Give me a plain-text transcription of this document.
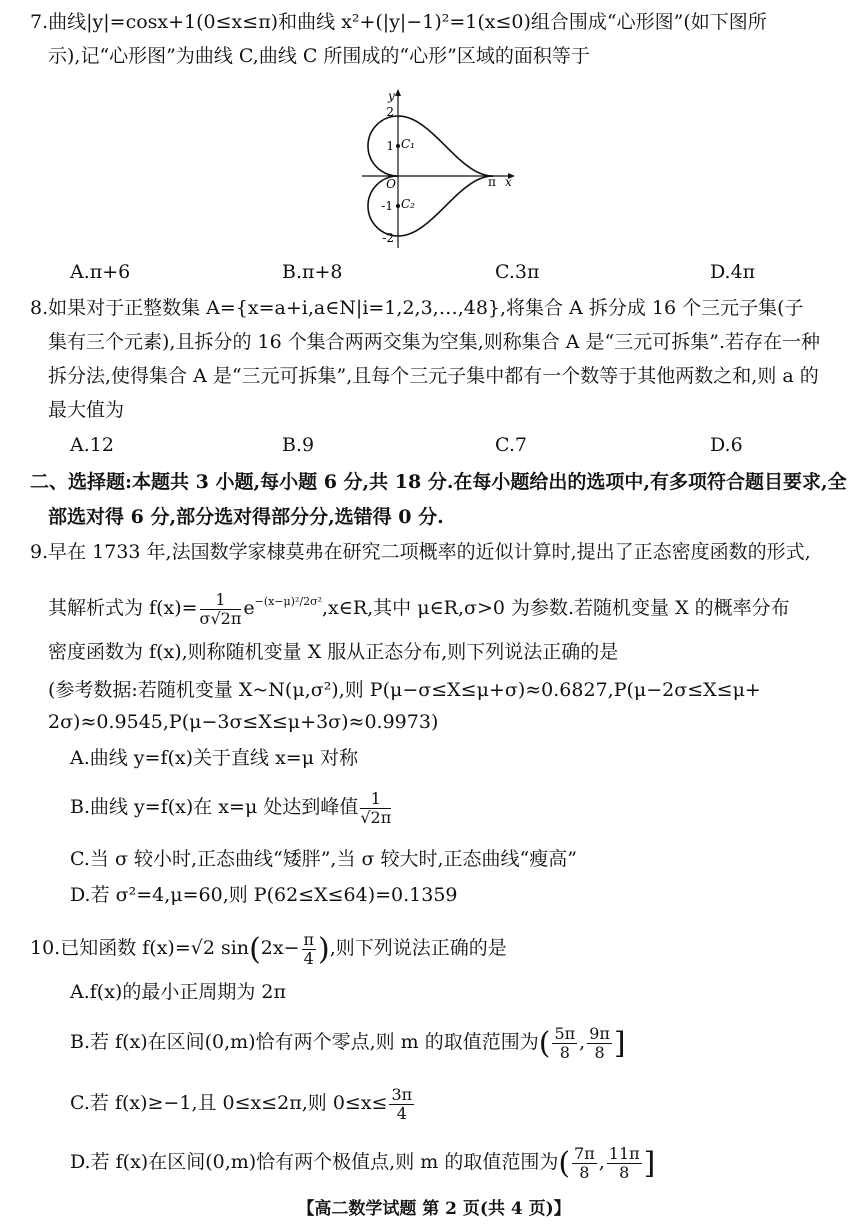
7.曲线|y|=cosx+1(0≤x≤π)和曲线 x²+(|y|−1)²=1(x≤0)组合围成“心形图”(如下图所
示),记“心形图”为曲线 C,曲线 C 所围成的“心形”区域的面积等于
y
x
π
O
2
1
-1
-2
C₁
C₂
A.π+6	B.π+8	C.3π	D.4π
8.如果对于正整数集 A={x=a+i,a∈N|i=1,2,3,…,48},将集合 A 拆分成 16 个三元子集(子
集有三个元素),且拆分的 16 个集合两两交集为空集,则称集合 A 是“三元可拆集”.若存在一种
拆分法,使得集合 A 是“三元可拆集”,且每个三元子集中都有一个数等于其他两数之和,则 a 的
最大值为
A.12	B.9	C.7	D.6
二、选择题:本题共 3 小题,每小题 6 分,共 18 分.在每小题给出的选项中,有多项符合题目要求,全
部选对得 6 分,部分选对得部分分,选错得 0 分.
9.早在 1733 年,法国数学家棣莫弗在研究二项概率的近似计算时,提出了正态密度函数的形式,
其解析式为 $f(x)= \frac{1}{\sigma√2\pi}$ $e^{-(x-\mu)^2/2\sigma^2},x\in R$,其中 μ∈R,σ>0 为参数.若随机变量 X 的概率分布
密度函数为 f(x),则称随机变量 X 服从正态分布,则下列说法正确的是
(参考数据:若随机变量 X~N(μ,σ²),则 P(μ−σ≤X≤μ+σ)≈0.6827,P(μ−2σ≤X≤μ+
2σ)≈0.9545,P(μ−3σ≤X≤μ+3σ)≈0.9973)
A.曲线 y=f(x)关于直线 x=μ 对称
B.曲线 y=f(x)在 x=μ 处达到峰值 $\frac{1}{√2\pi}$
C.当 σ 较小时,正态曲线“矮胖”,当 σ 较大时,正态曲线“瘦高”
D.若 σ²=4,μ=60,则 P(62≤X≤64)=0.1359
10.已知函数 f(x)=√2 $\sin(2x- \frac{\pi}{4}$ ),则下列说法正确的是
A.f(x)的最小正周期为 2π
B.若 f(x)在区间(0,m)恰有两个零点,则 m 的取值范围为( $\frac{5\pi}{8}$ , $\frac{9\pi}{8}$ ]
C.若 f(x)≥−1,且 0≤x≤2π,则 $0\le x\le \frac{3\pi}{4}$
D.若 f(x)在区间(0,m)恰有两个极值点,则 m 的取值范围为( $\frac{7\pi}{8}$ , $\frac{11\pi}{8}$ ]
【高二数学试题 第 2 页(共 4 页)】
